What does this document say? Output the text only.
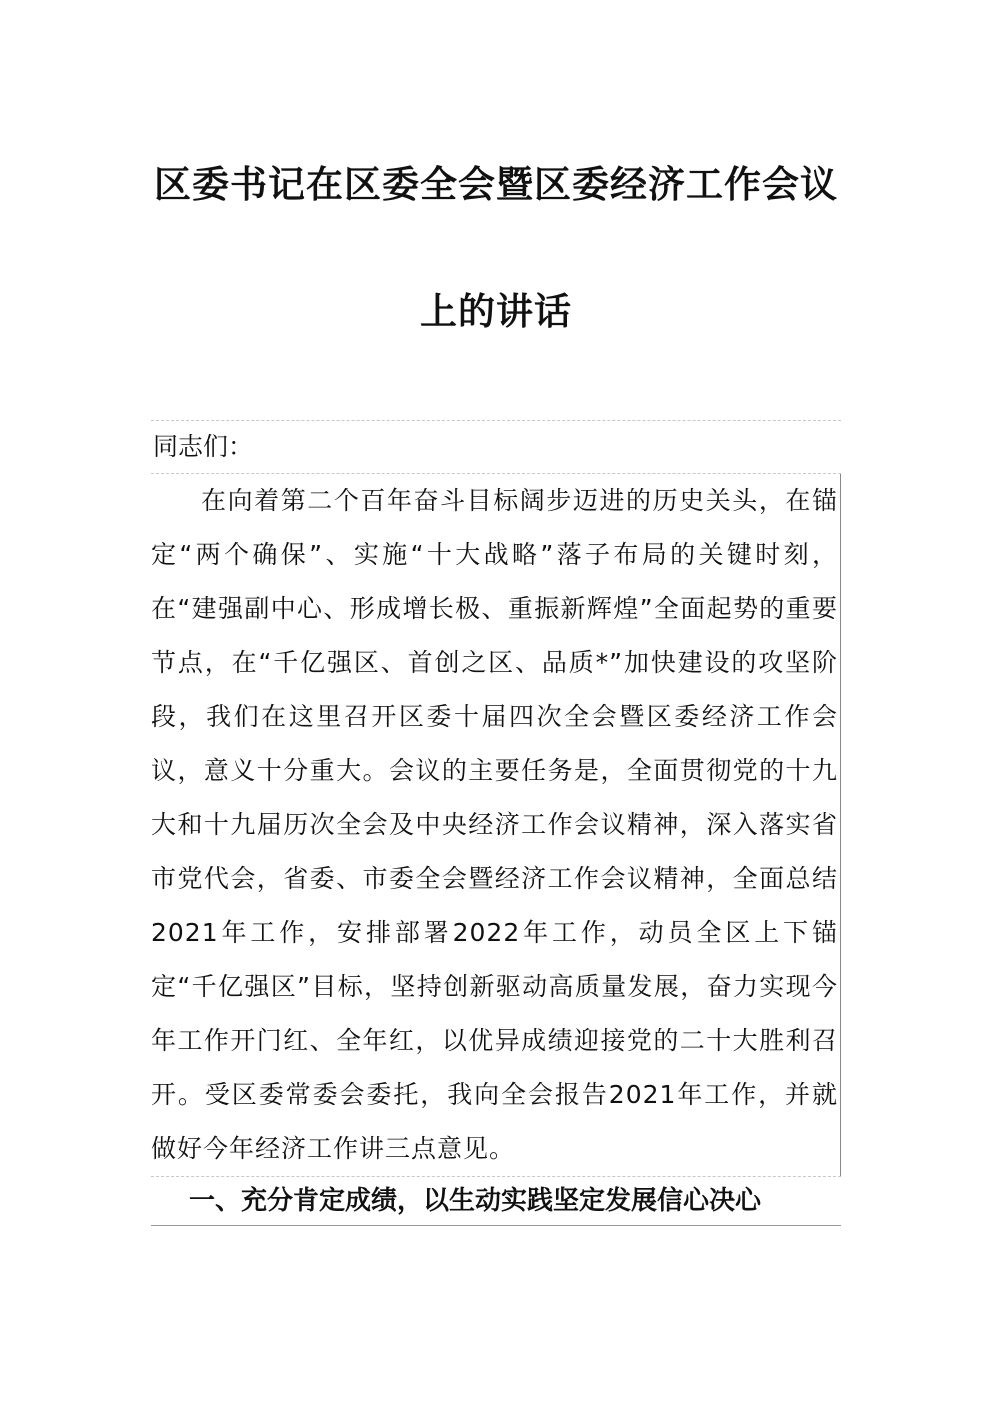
区委书记在区委全会暨区委经济工作会议
上的讲话

同志们：

在向着第二个百年奋斗目标阔步迈进的历史关头，在锚定“两个确保”、实施“十大战略”落子布局的关键时刻，在“建强副中心、形成增长极、重振新辉煌”全面起势的重要节点，在“千亿强区、首创之区、品质*”加快建设的攻坚阶段，我们在这里召开区委十届四次全会暨区委经济工作会议，意义十分重大。会议的主要任务是，全面贯彻党的十九大和十九届历次全会及中央经济工作会议精神，深入落实省市党代会，省委、市委全会暨经济工作会议精神，全面总结2021年工作，安排部署2022年工作，动员全区上下锚定“千亿强区”目标，坚持创新驱动高质量发展，奋力实现今年工作开门红、全年红，以优异成绩迎接党的二十大胜利召开。受区委常委会委托，我向全会报告2021年工作，并就做好今年经济工作讲三点意见。

一、充分肯定成绩，以生动实践坚定发展信心决心
